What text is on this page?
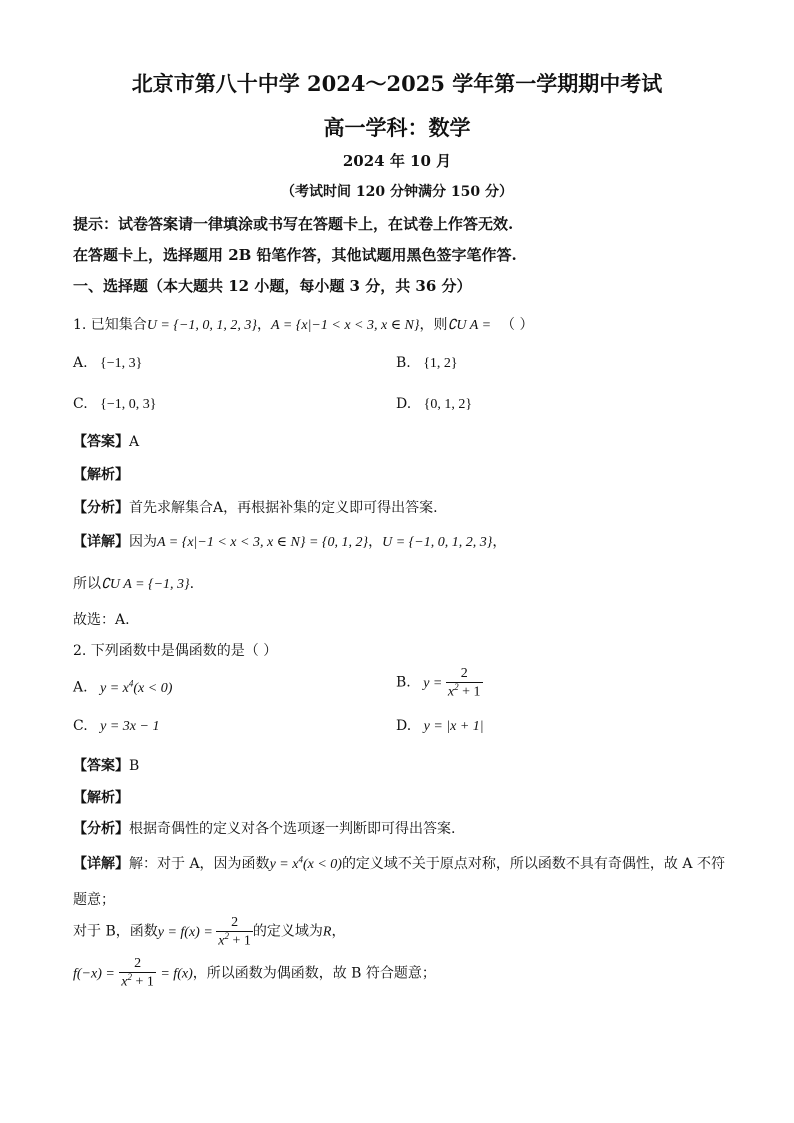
北京市第八十中学 2024～2025 学年第一学期期中考试
高一学科：数学
2024 年 10 月
（考试时间 120 分钟满分 150 分）
提示：试卷答案请一律填涂或书写在答题卡上，在试卷上作答无效.
在答题卡上，选择题用 2B 铅笔作答，其他试题用黑色签字笔作答.
一、选择题（本大题共 12 小题，每小题 3 分，共 36 分）
1. 已知集合U = {−1, 0, 1, 2, 3}，A = {x|−1 < x < 3, x ∈ N}，则∁U A = （ ）
A. {−1, 3}	B. {1, 2}
C. {−1, 0, 3}	D. {0, 1, 2}
【答案】A
【解析】
【分析】首先求解集合A，再根据补集的定义即可得出答案.
【详解】因为A = {x|−1 < x < 3, x ∈ N} = {0, 1, 2}，U = {−1, 0, 1, 2, 3}，
所以∁U A = {−1, 3}.
故选：A.
2. 下列函数中是偶函数的是（ ）
A. $y = x^4(x < 0)$	B. $y = \frac{2}{x^2 + 1}$
C. y = 3x − 1	D. y = |x + 1|
【答案】B
【解析】
【分析】根据奇偶性的定义对各个选项逐一判断即可得出答案.
【详解】解：对于 A，因为函数$y = x^4(x < 0)$的定义域不关于原点对称，所以函数不具有奇偶性，故 A 不符
题意；
对于 B，函数$y = f(x) = \frac{2}{x^2 + 1}$ 的定义域为R，
$f(-x) = \frac{2}{x^2 + 1} = f(x)$，所以函数为偶函数，故 B 符合题意；
